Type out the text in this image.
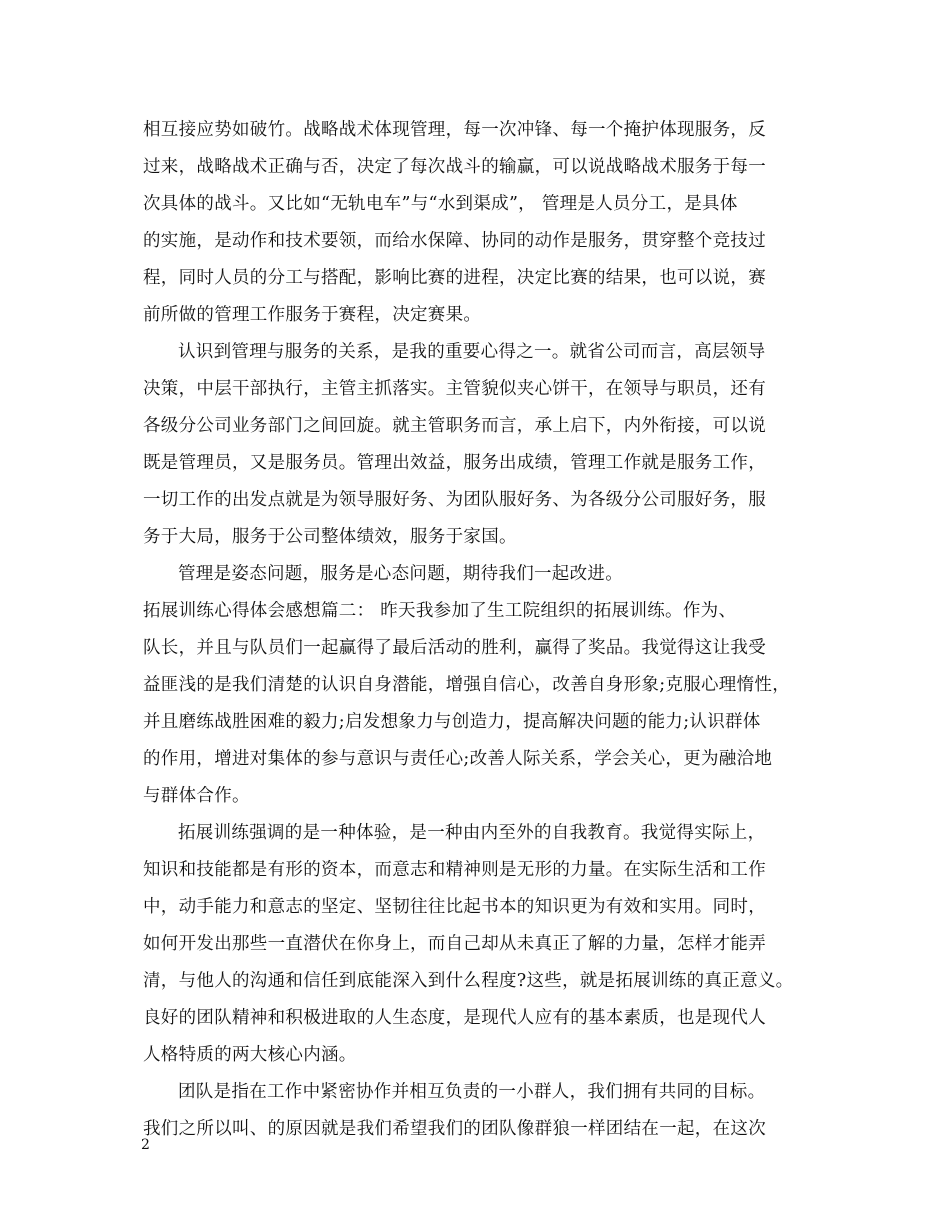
相互接应势如破竹。战略战术体现管理，每一次冲锋、每一个掩护体现服务，反
过来，战略战术正确与否，决定了每次战斗的输赢，可以说战略战术服务于每一
次具体的战斗。又比如“无轨电车”与“水到渠成”， 管理是人员分工，是具体
的实施，是动作和技术要领，而给水保障、协同的动作是服务，贯穿整个竞技过
程，同时人员的分工与搭配，影响比赛的进程，决定比赛的结果，也可以说，赛
前所做的管理工作服务于赛程，决定赛果。
认识到管理与服务的关系，是我的重要心得之一。就省公司而言，高层领导
决策，中层干部执行，主管主抓落实。主管貌似夹心饼干，在领导与职员，还有
各级分公司业务部门之间回旋。就主管职务而言，承上启下，内外衔接，可以说
既是管理员，又是服务员。管理出效益，服务出成绩，管理工作就是服务工作，
一切工作的出发点就是为领导服好务、为团队服好务、为各级分公司服好务，服
务于大局，服务于公司整体绩效，服务于家国。
管理是姿态问题，服务是心态问题，期待我们一起改进。
拓展训练心得体会感想篇二： 昨天我参加了生工院组织的拓展训练。作为、
队长，并且与队员们一起赢得了最后活动的胜利，赢得了奖品。我觉得这让我受
益匪浅的是我们清楚的认识自身潜能，增强自信心，改善自身形象;克服心理惰性，
并且磨练战胜困难的毅力;启发想象力与创造力，提高解决问题的能力;认识群体
的作用，增进对集体的参与意识与责任心;改善人际关系，学会关心，更为融洽地
与群体合作。
拓展训练强调的是一种体验，是一种由内至外的自我教育。我觉得实际上，
知识和技能都是有形的资本，而意志和精神则是无形的力量。在实际生活和工作
中，动手能力和意志的坚定、坚韧往往比起书本的知识更为有效和实用。同时，
如何开发出那些一直潜伏在你身上，而自己却从未真正了解的力量，怎样才能弄
清，与他人的沟通和信任到底能深入到什么程度?这些，就是拓展训练的真正意义。
良好的团队精神和积极进取的人生态度，是现代人应有的基本素质，也是现代人
人格特质的两大核心内涵。
团队是指在工作中紧密协作并相互负责的一小群人，我们拥有共同的目标。
我们之所以叫、的原因就是我们希望我们的团队像群狼一样团结在一起，在这次
2
